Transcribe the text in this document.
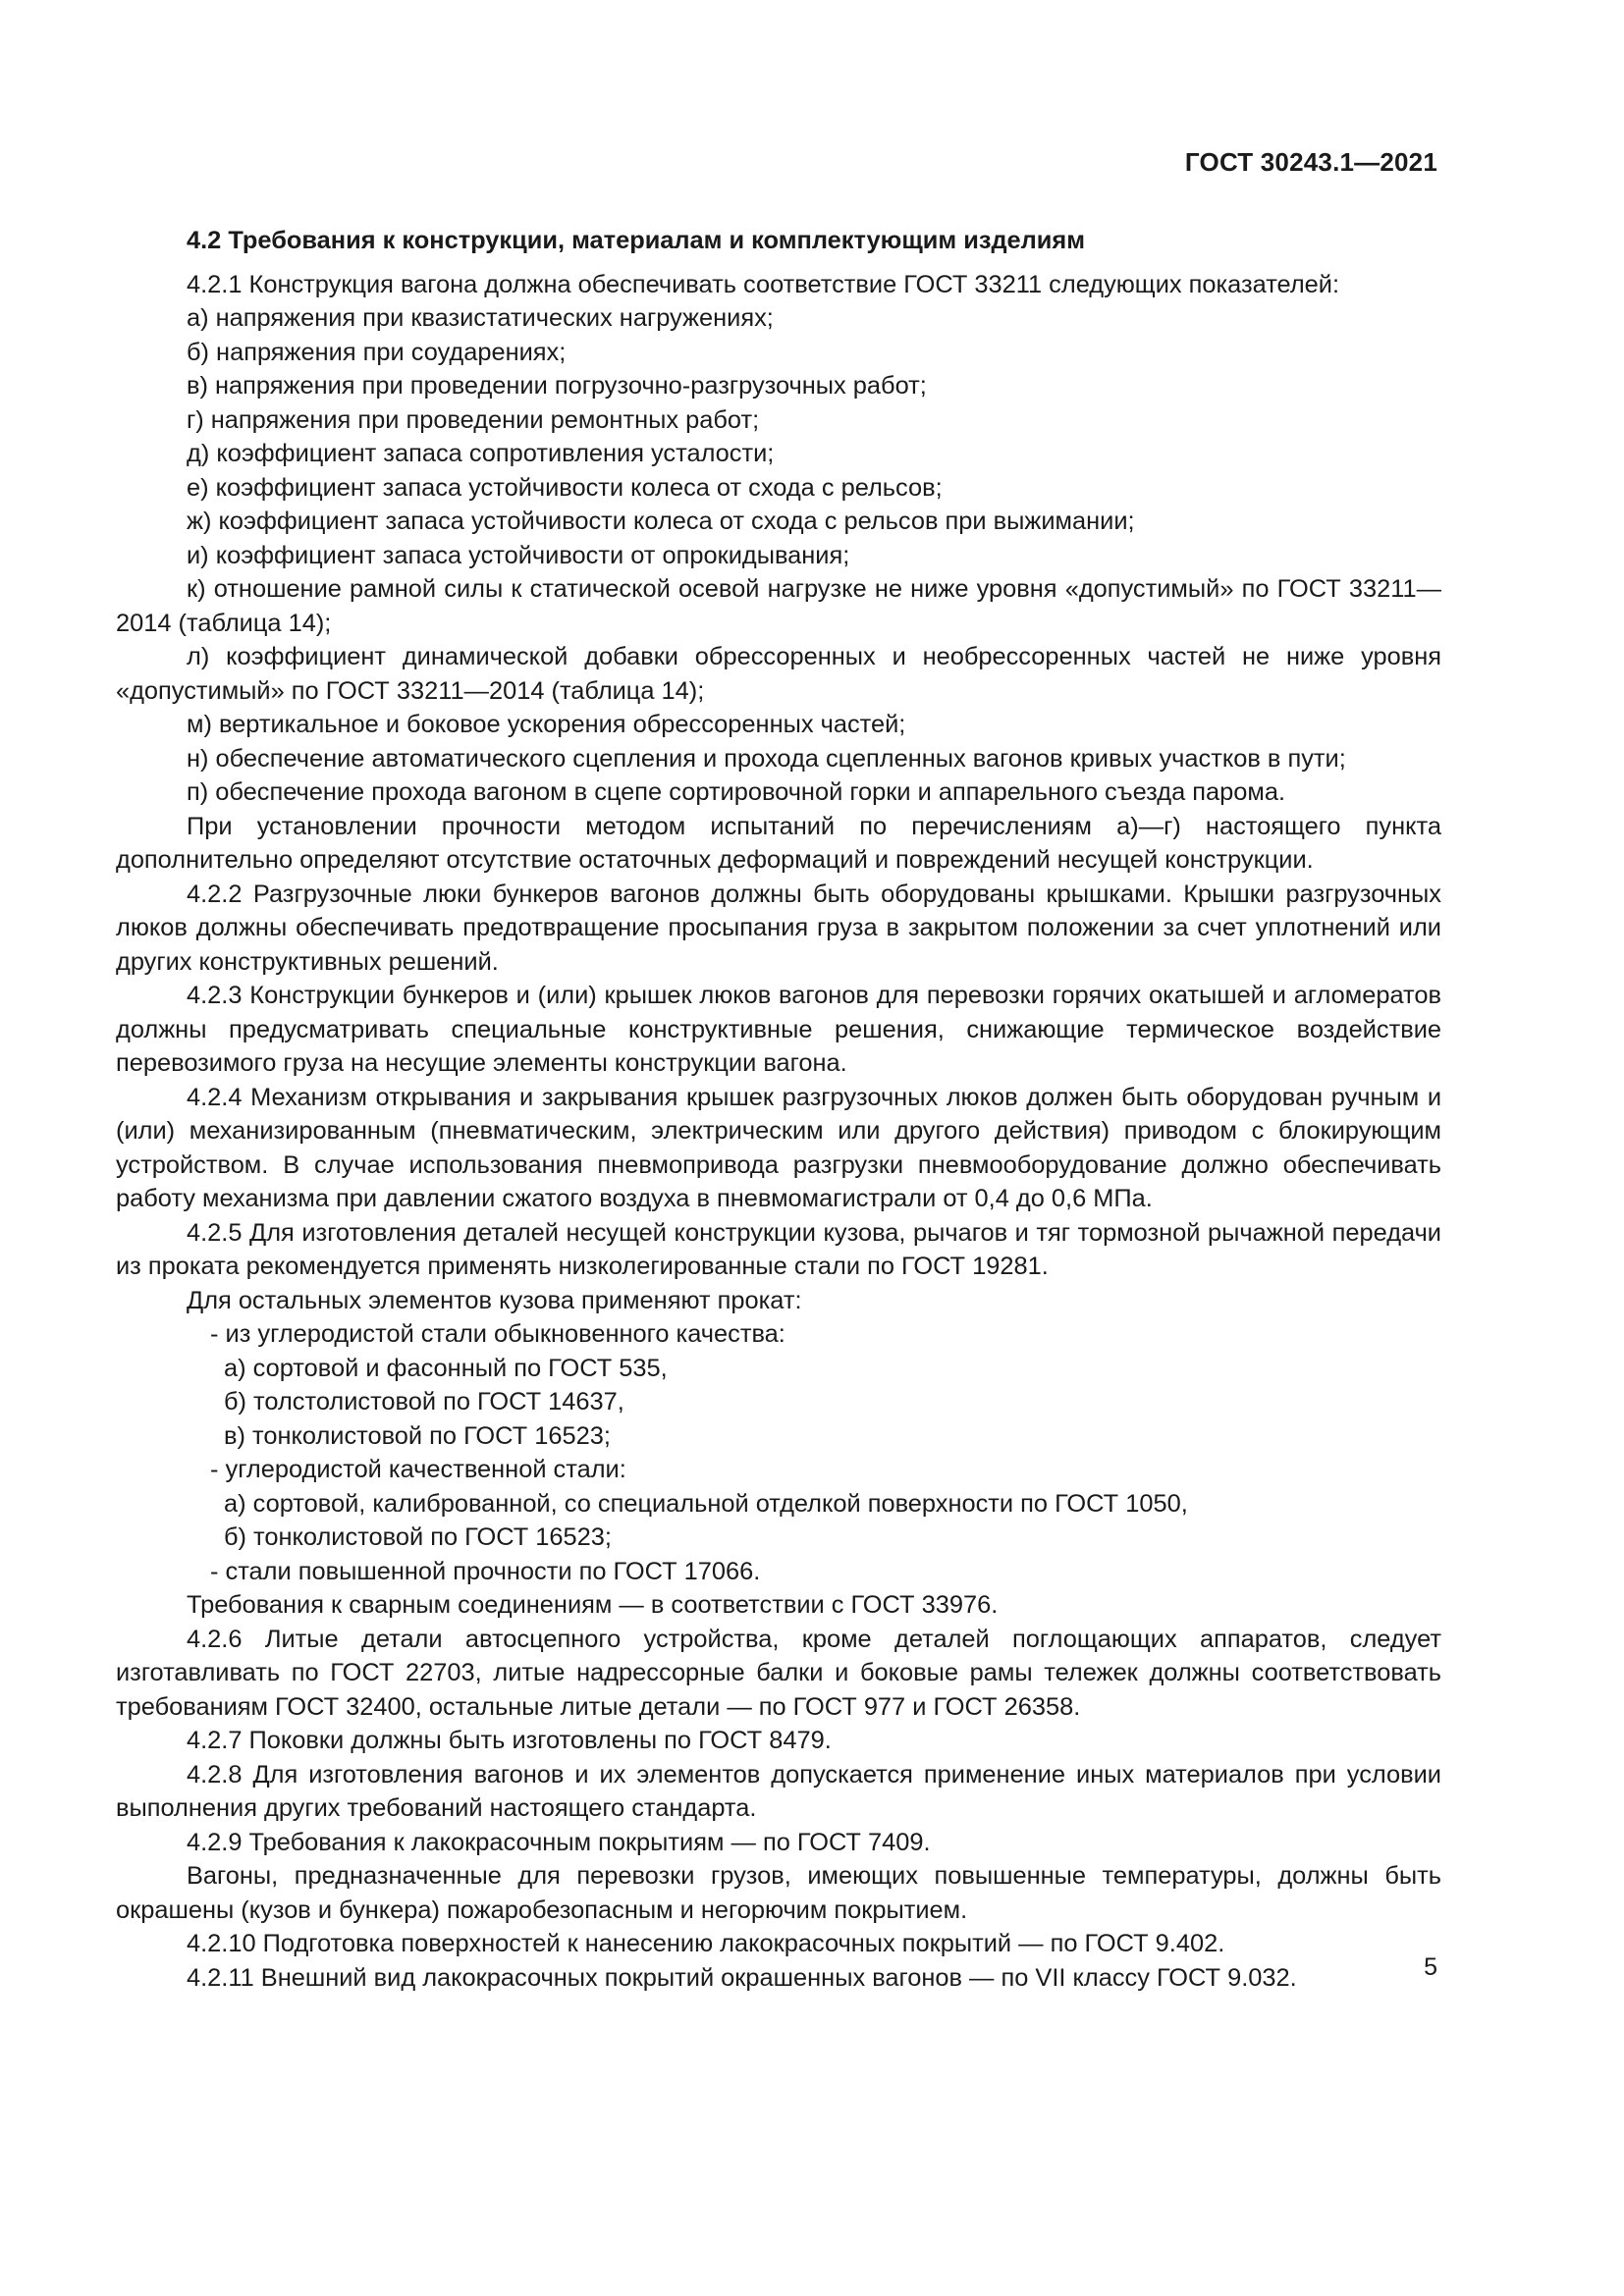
ГОСТ 30243.1—2021

4.2 Требования к конструкции, материалам и комплектующим изделиям

4.2.1 Конструкция вагона должна обеспечивать соответствие ГОСТ 33211 следующих показателей:

а) напряжения при квазистатических нагружениях;

б) напряжения при соударениях;

в) напряжения при проведении погрузочно-разгрузочных работ;

г) напряжения при проведении ремонтных работ;

д) коэффициент запаса сопротивления усталости;

е) коэффициент запаса устойчивости колеса от схода с рельсов;

ж) коэффициент запаса устойчивости колеса от схода с рельсов при выжимании;

и) коэффициент запаса устойчивости от опрокидывания;

к) отношение рамной силы к статической осевой нагрузке не ниже уровня «допустимый» по ГОСТ 33211—2014 (таблица 14);

л) коэффициент динамической добавки обрессоренных и необрессоренных частей не ниже уровня «допустимый» по ГОСТ 33211—2014 (таблица 14);

м) вертикальное и боковое ускорения обрессоренных частей;

н) обеспечение автоматического сцепления и прохода сцепленных вагонов кривых участков в пути;

п) обеспечение прохода вагоном в сцепе сортировочной горки и аппарельного съезда парома.

При установлении прочности методом испытаний по перечислениям а)—г) настоящего пункта дополнительно определяют отсутствие остаточных деформаций и повреждений несущей конструкции.

4.2.2 Разгрузочные люки бункеров вагонов должны быть оборудованы крышками. Крышки разгрузочных люков должны обеспечивать предотвращение просыпания груза в закрытом положении за счет уплотнений или других конструктивных решений.

4.2.3 Конструкции бункеров и (или) крышек люков вагонов для перевозки горячих окатышей и агломератов должны предусматривать специальные конструктивные решения, снижающие термическое воздействие перевозимого груза на несущие элементы конструкции вагона.

4.2.4 Механизм открывания и закрывания крышек разгрузочных люков должен быть оборудован ручным и (или) механизированным (пневматическим, электрическим или другого действия) приводом с блокирующим устройством. В случае использования пневмопривода разгрузки пневмооборудование должно обеспечивать работу механизма при давлении сжатого воздуха в пневмомагистрали от 0,4 до 0,6 МПа.

4.2.5 Для изготовления деталей несущей конструкции кузова, рычагов и тяг тормозной рычажной передачи из проката рекомендуется применять низколегированные стали по ГОСТ 19281.

Для остальных элементов кузова применяют прокат:

- из углеродистой стали обыкновенного качества:

а) сортовой и фасонный по ГОСТ 535,

б) толстолистовой по ГОСТ 14637,

в) тонколистовой по ГОСТ 16523;

- углеродистой качественной стали:

а) сортовой, калиброванной, со специальной отделкой поверхности по ГОСТ 1050,

б) тонколистовой по ГОСТ 16523;

- стали повышенной прочности по ГОСТ 17066.

Требования к сварным соединениям — в соответствии с ГОСТ 33976.

4.2.6 Литые детали автосцепного устройства, кроме деталей поглощающих аппаратов, следует изготавливать по ГОСТ 22703, литые надрессорные балки и боковые рамы тележек должны соответствовать требованиям ГОСТ 32400, остальные литые детали — по ГОСТ 977 и ГОСТ 26358.

4.2.7 Поковки должны быть изготовлены по ГОСТ 8479.

4.2.8 Для изготовления вагонов и их элементов допускается применение иных материалов при условии выполнения других требований настоящего стандарта.

4.2.9 Требования к лакокрасочным покрытиям — по ГОСТ 7409.

Вагоны, предназначенные для перевозки грузов, имеющих повышенные температуры, должны быть окрашены (кузов и бункера) пожаробезопасным и негорючим покрытием.

4.2.10 Подготовка поверхностей к нанесению лакокрасочных покрытий — по ГОСТ 9.402.

4.2.11 Внешний вид лакокрасочных покрытий окрашенных вагонов — по VII классу ГОСТ 9.032.	5
